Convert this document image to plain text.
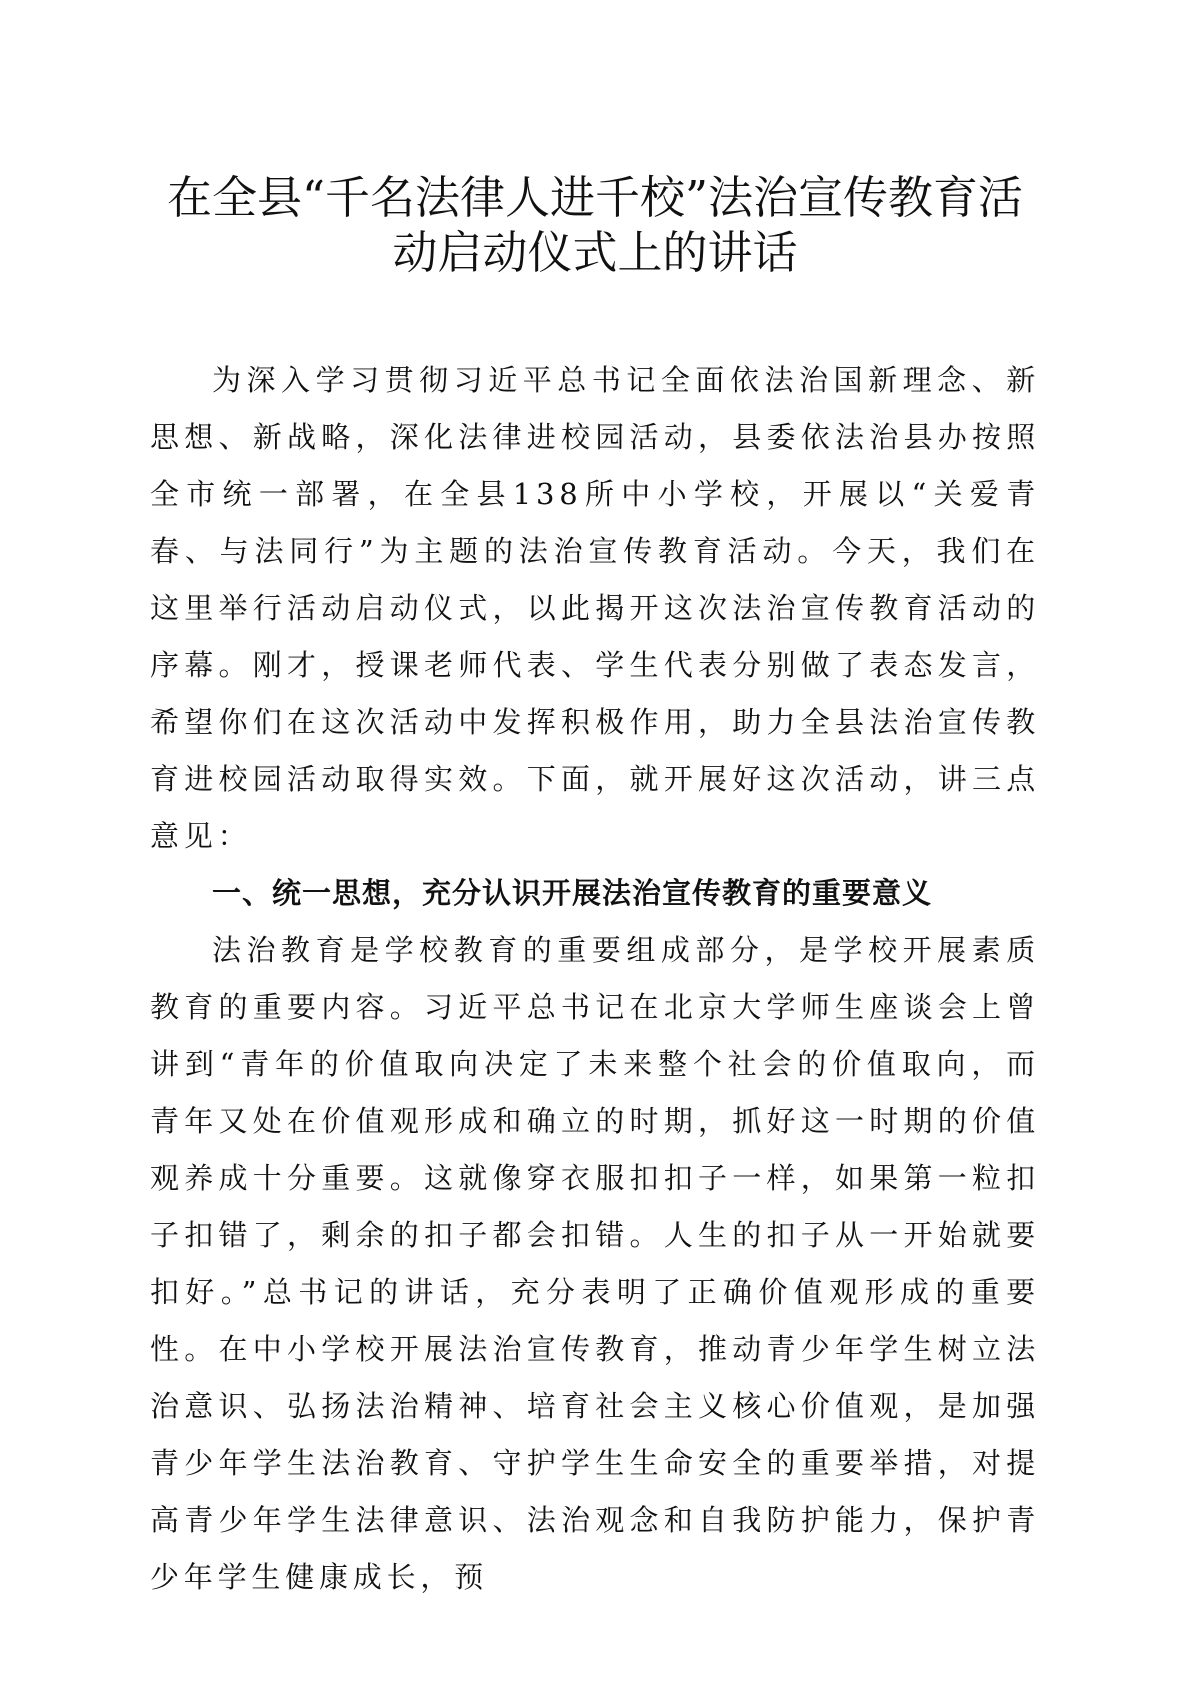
在全县“千名法律人进千校”法治宣传教育活动启动仪式上的讲话

为深入学习贯彻习近平总书记全面依法治国新理念、新思想、新战略，深化法律进校园活动，县委依法治县办按照全市统一部署，在全县138所中小学校，开展以“关爱青春、与法同行”为主题的法治宣传教育活动。今天，我们在这里举行活动启动仪式，以此揭开这次法治宣传教育活动的序幕。刚才，授课老师代表、学生代表分别做了表态发言，希望你们在这次活动中发挥积极作用，助力全县法治宣传教育进校园活动取得实效。下面，就开展好这次活动，讲三点意见：

一、统一思想，充分认识开展法治宣传教育的重要意义

法治教育是学校教育的重要组成部分，是学校开展素质教育的重要内容。习近平总书记在北京大学师生座谈会上曾讲到“青年的价值取向决定了未来整个社会的价值取向，而青年又处在价值观形成和确立的时期，抓好这一时期的价值观养成十分重要。这就像穿衣服扣扣子一样，如果第一粒扣子扣错了，剩余的扣子都会扣错。人生的扣子从一开始就要扣好。”总书记的讲话，充分表明了正确价值观形成的重要性。在中小学校开展法治宣传教育，推动青少年学生树立法治意识、弘扬法治精神、培育社会主义核心价值观，是加强青少年学生法治教育、守护学生生命安全的重要举措，对提高青少年学生法律意识、法治观念和自我防护能力，保护青少年学生健康成长，预
